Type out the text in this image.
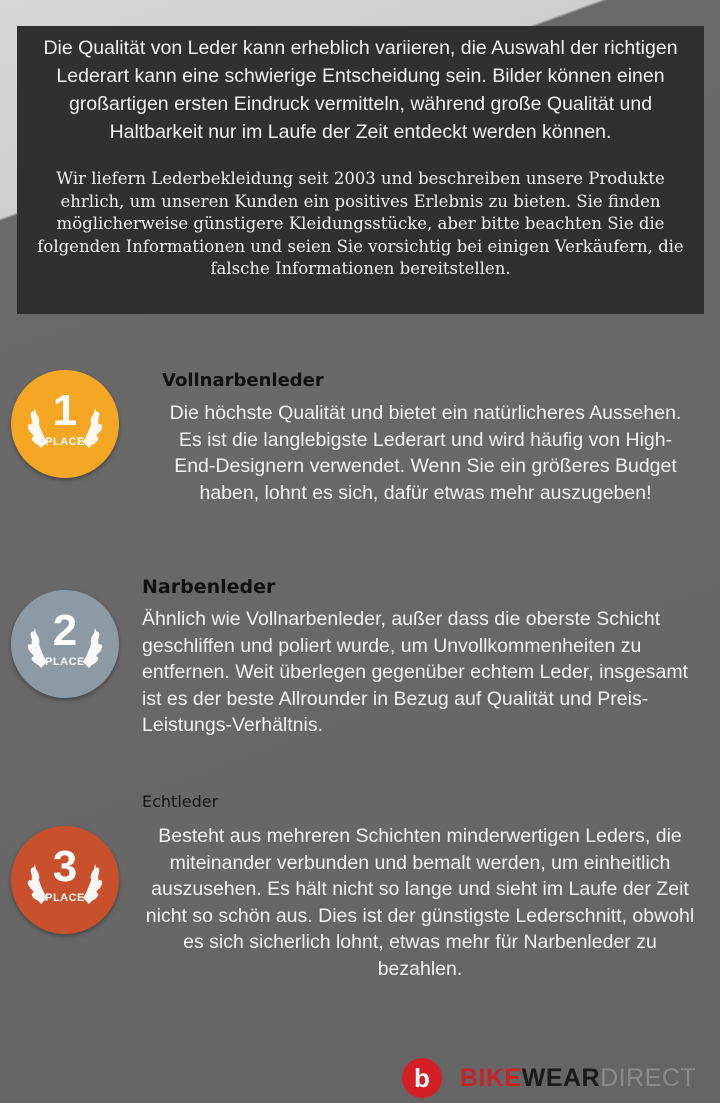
Die Qualität von Leder kann erheblich variieren, die Auswahl der richtigen Lederart kann eine schwierige Entscheidung sein. Bilder können einen großartigen ersten Eindruck vermitteln, während große Qualität und Haltbarkeit nur im Laufe der Zeit entdeckt werden können.

Wir liefern Lederbekleidung seit 2003 und beschreiben unsere Produkte ehrlich, um unseren Kunden ein positives Erlebnis zu bieten. Sie finden möglicherweise günstigere Kleidungsstücke, aber bitte beachten Sie die folgenden Informationen und seien Sie vorsichtig bei einigen Verkäufern, die falsche Informationen bereitstellen.

1
PLACE
Vollnarbenleder
Die höchste Qualität und bietet ein natürlicheres Aussehen. Es ist die langlebigste Lederart und wird häufig von High-End-Designern verwendet. Wenn Sie ein größeres Budget haben, lohnt es sich, dafür etwas mehr auszugeben!
2
PLACE
Narbenleder
Ähnlich wie Vollnarbenleder, außer dass die oberste Schicht geschliffen und poliert wurde, um Unvollkommenheiten zu entfernen. Weit überlegen gegenüber echtem Leder, insgesamt ist es der beste Allrounder in Bezug auf Qualität und Preis-Leistungs-Verhältnis.
3
PLACE
Echtleder
Besteht aus mehreren Schichten minderwertigen Leders, die miteinander verbunden und bemalt werden, um einheitlich auszusehen. Es hält nicht so lange und sieht im Laufe der Zeit nicht so schön aus. Dies ist der günstigste Lederschnitt, obwohl es sich sicherlich lohnt, etwas mehr für Narbenleder zu bezahlen.
b BIKEWEARDIRECT
